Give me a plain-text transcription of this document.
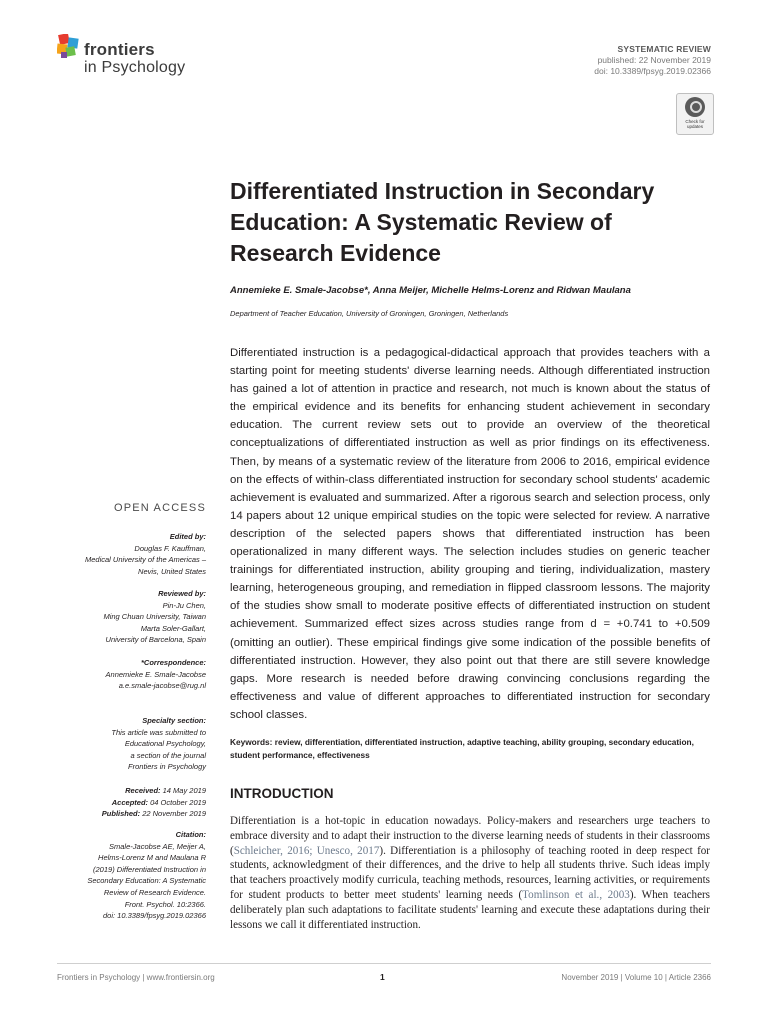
frontiers
in Psychology
SYSTEMATIC REVIEW
published: 22 November 2019
doi: 10.3389/fpsyg.2019.02366
Check for updates
Differentiated Instruction in Secondary Education: A Systematic Review of Research Evidence
Annemieke E. Smale-Jacobse*, Anna Meijer, Michelle Helms-Lorenz and Ridwan Maulana
Department of Teacher Education, University of Groningen, Groningen, Netherlands
Differentiated instruction is a pedagogical-didactical approach that provides teachers with a starting point for meeting students' diverse learning needs. Although differentiated instruction has gained a lot of attention in practice and research, not much is known about the status of the empirical evidence and its benefits for enhancing student achievement in secondary education. The current review sets out to provide an overview of the theoretical conceptualizations of differentiated instruction as well as prior findings on its effectiveness. Then, by means of a systematic review of the literature from 2006 to 2016, empirical evidence on the effects of within-class differentiated instruction for secondary school students' academic achievement is evaluated and summarized. After a rigorous search and selection process, only 14 papers about 12 unique empirical studies on the topic were selected for review. A narrative description of the selected papers shows that differentiated instruction has been operationalized in many different ways. The selection includes studies on generic teacher trainings for differentiated instruction, ability grouping and tiering, individualization, mastery learning, heterogeneous grouping, and remediation in flipped classroom lessons. The majority of the studies show small to moderate positive effects of differentiated instruction on student achievement. Summarized effect sizes across studies range from d = +0.741 to +0.509 (omitting an outlier). These empirical findings give some indication of the possible benefits of differentiated instruction. However, they also point out that there are still severe knowledge gaps. More research is needed before drawing convincing conclusions regarding the effectiveness and value of different approaches to differentiated instruction for secondary school classes.
Keywords: review, differentiation, differentiated instruction, adaptive teaching, ability grouping, secondary education, student performance, effectiveness
INTRODUCTION
Differentiation is a hot-topic in education nowadays. Policy-makers and researchers urge teachers to embrace diversity and to adapt their instruction to the diverse learning needs of students in their classrooms (Schleicher, 2016; Unesco, 2017). Differentiation is a philosophy of teaching rooted in deep respect for students, acknowledgment of their differences, and the drive to help all students thrive. Such ideas imply that teachers proactively modify curricula, teaching methods, resources, learning activities, or requirements for student products to better meet students' learning needs (Tomlinson et al., 2003). When teachers deliberately plan such adaptations to facilitate students' learning and execute these adaptations during their lessons we call it differentiated instruction.
OPEN ACCESS
Edited by:
Douglas F. Kauffman,
Medical University of the Americas –
Nevis, United States
Reviewed by:
Pin-Ju Chen,
Ming Chuan University, Taiwan
Marta Soler-Gallart,
University of Barcelona, Spain
*Correspondence:
Annemieke E. Smale-Jacobse
a.e.smale-jacobse@rug.nl
Specialty section:
This article was submitted to
Educational Psychology,
a section of the journal
Frontiers in Psychology
Received: 14 May 2019
Accepted: 04 October 2019
Published: 22 November 2019
Citation:
Smale-Jacobse AE, Meijer A,
Helms-Lorenz M and Maulana R
(2019) Differentiated Instruction in
Secondary Education: A Systematic
Review of Research Evidence.
Front. Psychol. 10:2366.
doi: 10.3389/fpsyg.2019.02366
Frontiers in Psychology | www.frontiersin.org	1	November 2019 | Volume 10 | Article 2366
